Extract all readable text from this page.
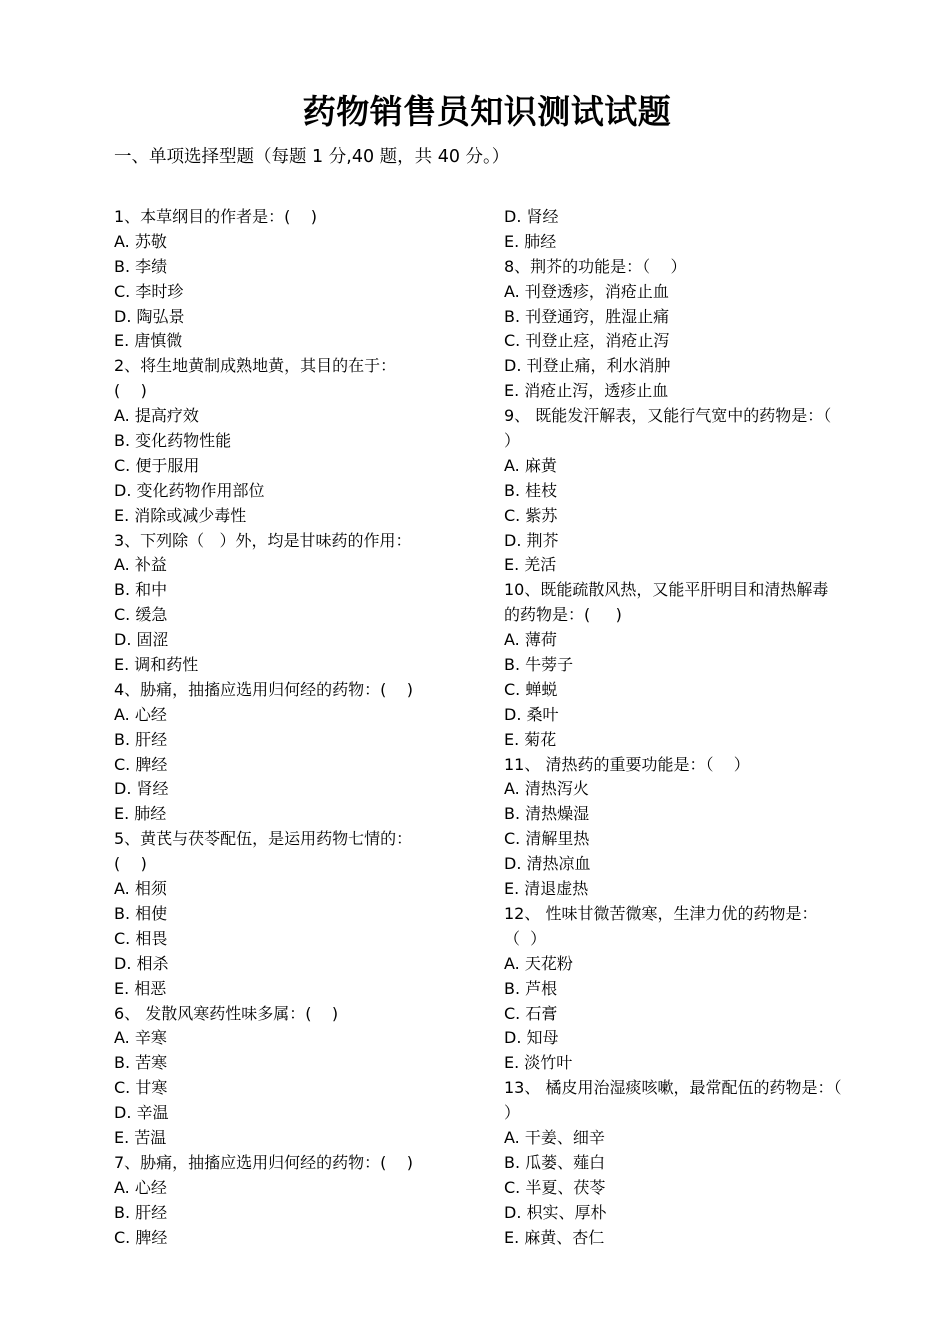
药物销售员知识测试试题
一、单项选择型题（每题 1 分,40 题，共 40 分。）
1、本草纲目的作者是：(    )
A. 苏敬
B. 李绩
C. 李时珍
D. 陶弘景
E. 唐慎微
2、将生地黄制成熟地黄，其目的在于：
(    )
A. 提高疗效
B. 变化药物性能
C. 便于服用
D. 变化药物作用部位
E. 消除或减少毒性
3、下列除（   ）外，均是甘味药的作用：
A. 补益
B. 和中
C. 缓急
D. 固涩
E. 调和药性
4、胁痛，抽搐应选用归何经的药物：(    )
A. 心经
B. 肝经
C. 脾经
D. 肾经
E. 肺经
5、黄芪与茯苓配伍，是运用药物七情的：
(    )
A. 相须
B. 相使
C. 相畏
D. 相杀
E. 相恶
6、 发散风寒药性味多属：(    )
A. 辛寒
B. 苦寒
C. 甘寒
D. 辛温
E. 苦温
7、胁痛，抽搐应选用归何经的药物：(    )
A. 心经
B. 肝经
C. 脾经
D. 肾经
E. 肺经
8、荆芥的功能是：（    ）
A. 刊登透疹，消疮止血
B. 刊登通窍，胜湿止痛
C. 刊登止痉，消疮止泻
D. 刊登止痛，利水消肿
E. 消疮止泻，透疹止血
9、 既能发汗解表，又能行气宽中的药物是：（
）
A. 麻黄
B. 桂枝
C. 紫苏
D. 荆芥
E. 羌活
10、既能疏散风热，又能平肝明目和清热解毒
的药物是：(     )
A. 薄荷
B. 牛蒡子
C. 蝉蜕
D. 桑叶
E. 菊花
11、 清热药的重要功能是：（    ）
A. 清热泻火
B. 清热燥湿
C. 清解里热
D. 清热凉血
E. 清退虚热
12、 性味甘微苦微寒，生津力优的药物是：
（  ）
A. 天花粉
B. 芦根
C. 石膏
D. 知母
E. 淡竹叶
13、 橘皮用治湿痰咳嗽，最常配伍的药物是：（
）
A. 干姜、细辛
B. 瓜蒌、薤白
C. 半夏、茯苓
D. 枳实、厚朴
E. 麻黄、杏仁
